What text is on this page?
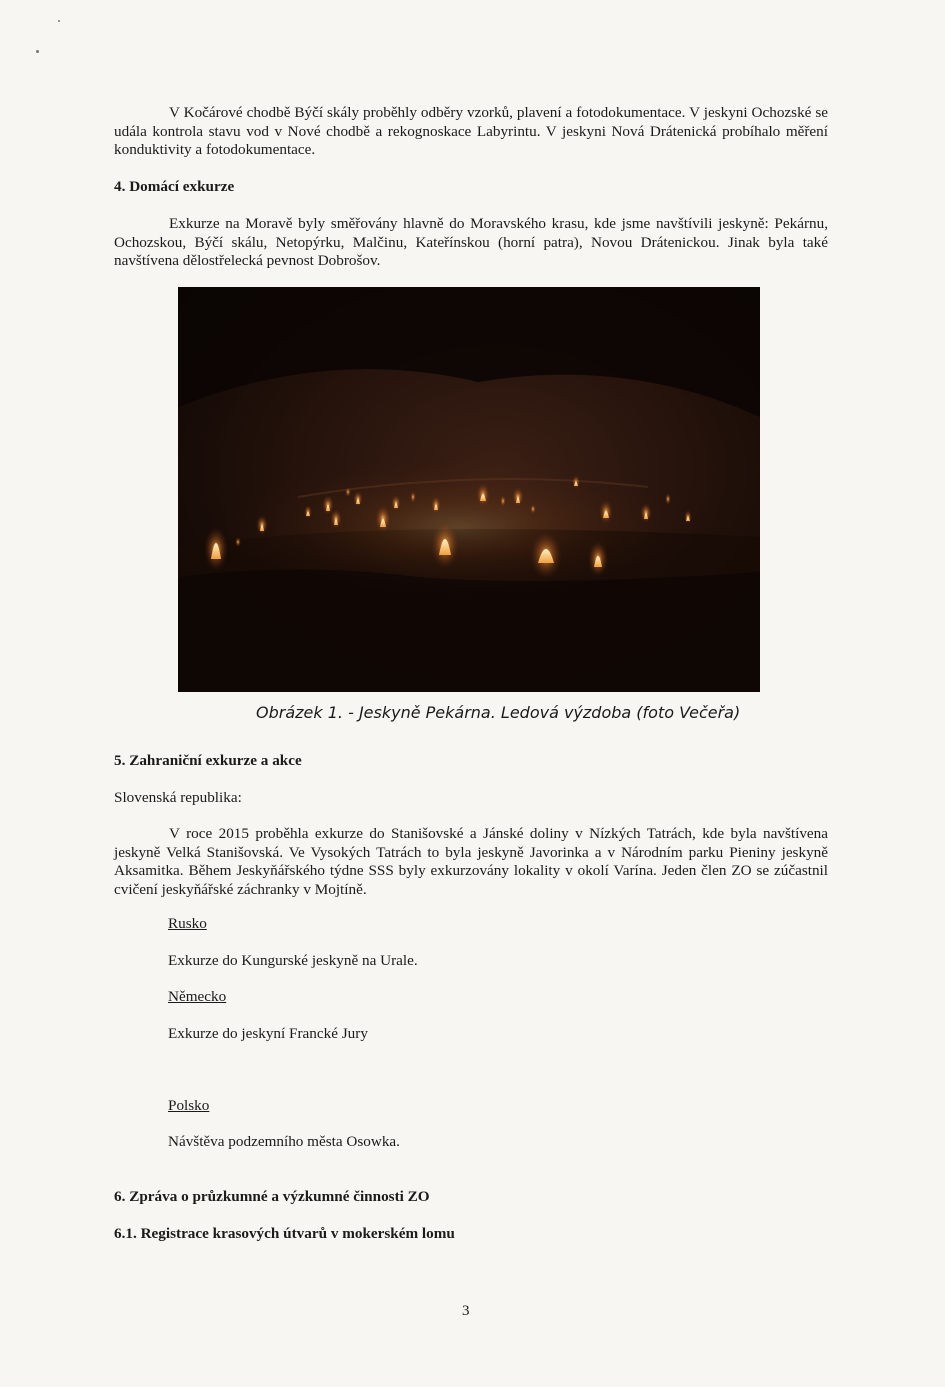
V Kočárové chodbě Býčí skály proběhly odběry vzorků, plavení a fotodokumentace. V jeskyni Ochozské se udála kontrola stavu vod v Nové chodbě a rekognoskace Labyrintu. V jeskyni Nová Drátenická probíhalo měření konduktivity a fotodokumentace.
4. Domácí exkurze
Exkurze na Moravě byly směřovány hlavně do Moravského krasu, kde jsme navštívili jeskyně: Pekárnu, Ochozskou, Býčí skálu, Netopýrku, Malčinu, Kateřínskou (horní patra), Novou Drátenickou. Jinak byla také navštívena dělostřelecká pevnost Dobrošov.
Obrázek 1. - Jeskyně Pekárna. Ledová výzdoba (foto Večeřa)
5. Zahraniční exkurze a akce
Slovenská republika:
V roce 2015 proběhla exkurze do Stanišovské a Jánské doliny v Nízkých Tatrách, kde byla navštívena jeskyně Velká Stanišovská. Ve Vysokých Tatrách to byla jeskyně Javorinka a v Národním parku Pieniny jeskyně Aksamitka. Během Jeskyňářského týdne SSS byly exkurzovány lokality v okolí Varína. Jeden člen ZO se zúčastnil cvičení jeskyňářské záchranky v Mojtíně.
Rusko
Exkurze do Kungurské jeskyně na Urale.
Německo
Exkurze do jeskyní Francké Jury
Polsko
Návštěva podzemního města Osowka.
6. Zpráva o průzkumné a výzkumné činnosti ZO
6.1. Registrace krasových útvarů v mokerském lomu
3
